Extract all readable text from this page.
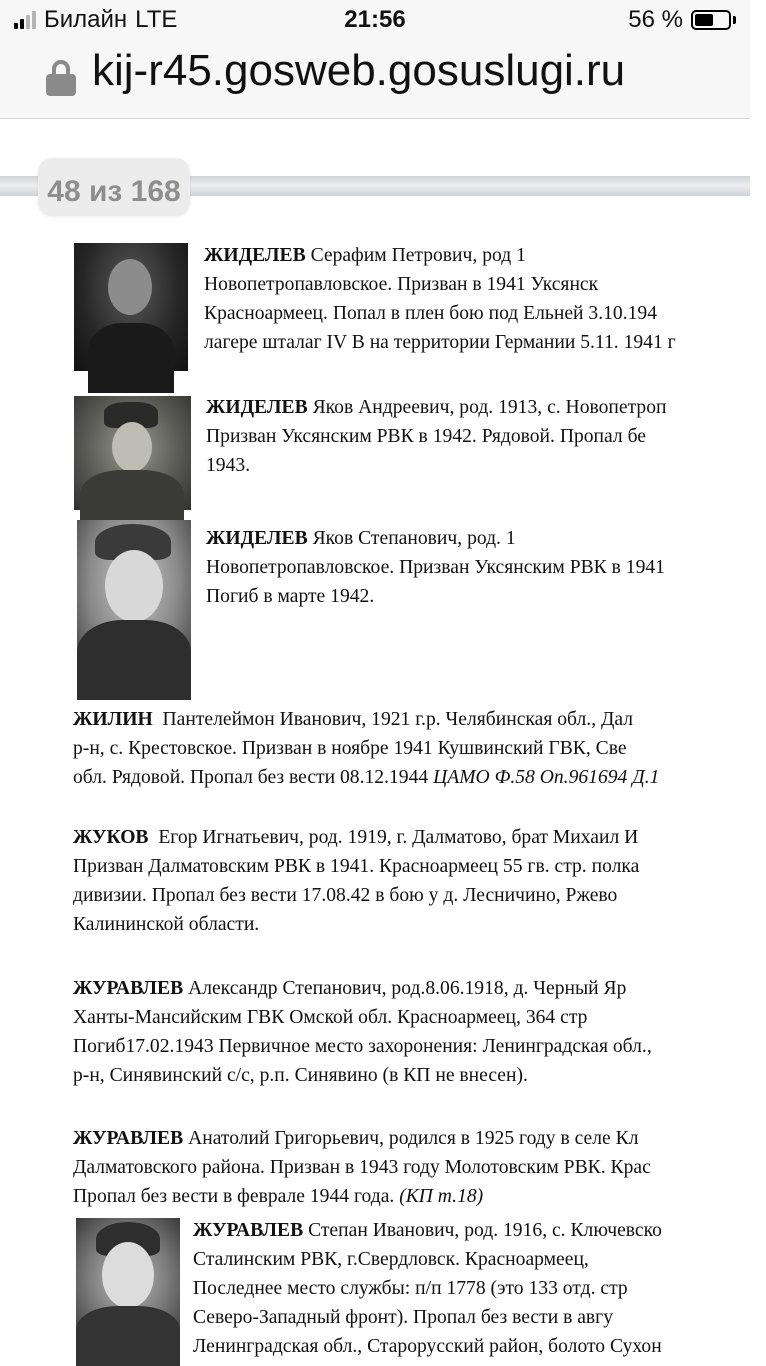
Билайн LTE	21:56	56 %
kij-r45.gosweb.gosuslugi.ru
48 из 168
ЖИДЕЛЕВ Серафим Петрович, род 1
Новопетропавловское. Призван в 1941 Уксянск
Красноармеец. Попал в плен бою под Ельней 3.10.194
лагере шталаг IV B на территории Германии 5.11. 1941 г
ЖИДЕЛЕВ Яков Андреевич, род. 1913, с. Новопетроп
Призван Уксянским РВК в 1942. Рядовой. Пропал бе
1943.
ЖИДЕЛЕВ Яков Степанович, род. 1
Новопетропавловское. Призван Уксянским РВК в 1941
Погиб в марте 1942.
ЖИЛИН Пантелеймон Иванович, 1921 г.р. Челябинская обл., Дал
р-н, с. Крестовское. Призван в ноябре 1941 Кушвинский ГВК, Све
обл. Рядовой. Пропал без вести 08.12.1944 ЦАМО Ф.58 Оп.961694 Д.1
ЖУКОВ Егор Игнатьевич, род. 1919, г. Далматово, брат Михаил И
Призван Далматовским РВК в 1941. Красноармеец 55 гв. стр. полка
дивизии. Пропал без вести 17.08.42 в бою у д. Лесничино, Ржево
Калининской области.
ЖУРАВЛЕВ Александр Степанович, род.8.06.1918, д. Черный Яр
Ханты-Мансийским ГВК Омской обл. Красноармеец, 364 стр
Погиб17.02.1943 Первичное место захоронения: Ленинградская обл.,
р-н, Синявинский с/с, р.п. Синявино (в КП не внесен).
ЖУРАВЛЕВ Анатолий Григорьевич, родился в 1925 году в селе Кл
Далматовского района. Призван в 1943 году Молотовским РВК. Крас
Пропал без вести в феврале 1944 года. (КП т.18)
ЖУРАВЛЕВ Степан Иванович, род. 1916, с. Ключевско
Сталинским РВК, г.Свердловск. Красноармеец,
Последнее место службы: п/п 1778 (это 133 отд. стр
Северо-Западный фронт). Пропал без вести в авгу
Ленинградская обл., Старорусский район, болото Сухон
